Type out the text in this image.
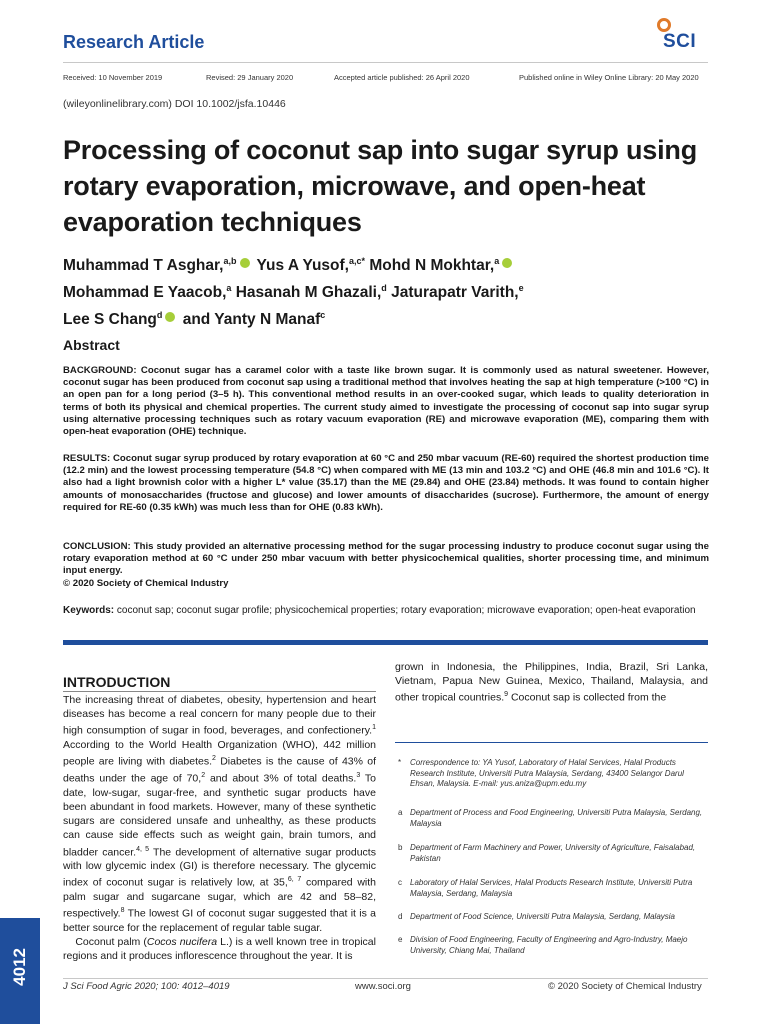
Research Article	SCI
Received: 10 November 2019	Revised: 29 January 2020	Accepted article published: 26 April 2020	Published online in Wiley Online Library: 20 May 2020
(wileyonlinelibrary.com) DOI 10.1002/jsfa.10446
Processing of coconut sap into sugar syrup using rotary evaporation, microwave, and open-heat evaporation techniques
Muhammad T Asghar,$^{a,b}$ Yus A Yusof,$^{a,c*}$ Mohd N Mokhtar,$^a$
Mohammad E Yaacob,$^a$ Hasanah M Ghazali,$^d$ Jaturapatr Varith,$^e$
Lee S Chang$^d$ and Yanty N Manaf$^c$
Abstract
BACKGROUND: Coconut sugar has a caramel color with a taste like brown sugar. It is commonly used as natural sweetener. However, coconut sugar has been produced from coconut sap using a traditional method that involves heating the sap at high temperature (>100 °C) in an open pan for a long period (3–5 h). This conventional method results in an over-cooked sugar, which leads to quality deterioration in terms of both its physical and chemical properties. The current study aimed to investigate the processing of coconut sap into sugar syrup using alternative processing techniques such as rotary vacuum evaporation (RE) and microwave evaporation (ME), comparing them with open-heat evaporation (OHE) technique.
RESULTS: Coconut sugar syrup produced by rotary evaporation at 60 °C and 250 mbar vacuum (RE-60) required the shortest production time (12.2 min) and the lowest processing temperature (54.8 °C) when compared with ME (13 min and 103.2 °C) and OHE (46.8 min and 101.6 °C). It also had a light brownish color with a higher L* value (35.17) than the ME (29.84) and OHE (23.84) methods. It was found to contain higher amounts of monosaccharides (fructose and glucose) and lower amounts of disaccharides (sucrose). Furthermore, the amount of energy required for RE-60 (0.35 kWh) was much less than for OHE (0.83 kWh).
CONCLUSION: This study provided an alternative processing method for the sugar processing industry to produce coconut sugar using the rotary evaporation method at 60 °C under 250 mbar vacuum with better physicochemical qualities, shorter processing time, and minimum input energy.
© 2020 Society of Chemical Industry
Keywords: coconut sap; coconut sugar profile; physicochemical properties; rotary evaporation; microwave evaporation; open-heat evaporation
INTRODUCTION
The increasing threat of diabetes, obesity, hypertension and heart diseases has become a real concern for many people due to their high consumption of sugar in food, beverages, and confectionery.$^1$ According to the World Health Organization (WHO), 442 million people are living with diabetes.$^2$ Diabetes is the cause of 43% of deaths under the age of 70,$^2$ and about 3% of total deaths.$^3$ To date, low-sugar, sugar-free, and synthetic sugar products have been abundant in food markets. However, many of these synthetic sugars are considered unsafe and unhealthy, as these products can cause side effects such as weight gain, brain tumors, and bladder cancer.$^{4, 5}$ The development of alternative sugar products with low glycemic index (GI) is therefore necessary. The glycemic index of coconut sugar is relatively low, at 35,$^{6, 7}$ compared with palm sugar and sugarcane sugar, which are 42 and 58–82, respectively.$^8$ The lowest GI of coconut sugar suggested that it is a better source for the replacement of regular table sugar.
Coconut palm (Cocos nucifera L.) is a well known tree in tropical regions and it produces inflorescence throughout the year. It is
grown in Indonesia, the Philippines, India, Brazil, Sri Lanka, Vietnam, Papua New Guinea, Mexico, Thailand, Malaysia, and other tropical countries.$^9$ Coconut sap is collected from the
* Correspondence to: YA Yusof, Laboratory of Halal Services, Halal Products Research Institute, Universiti Putra Malaysia, Serdang, 43400 Selangor Darul Ehsan, Malaysia. E-mail: yus.aniza@upm.edu.my
a Department of Process and Food Engineering, Universiti Putra Malaysia, Serdang, Malaysia
b Department of Farm Machinery and Power, University of Agriculture, Faisalabad, Pakistan
c Laboratory of Halal Services, Halal Products Research Institute, Universiti Putra Malaysia, Serdang, Malaysia
d Department of Food Science, Universiti Putra Malaysia, Serdang, Malaysia
e Division of Food Engineering, Faculty of Engineering and Agro-Industry, Maejo University, Chiang Mai, Thailand
J Sci Food Agric 2020; 100: 4012–4019	www.soci.org	© 2020 Society of Chemical Industry
4012
